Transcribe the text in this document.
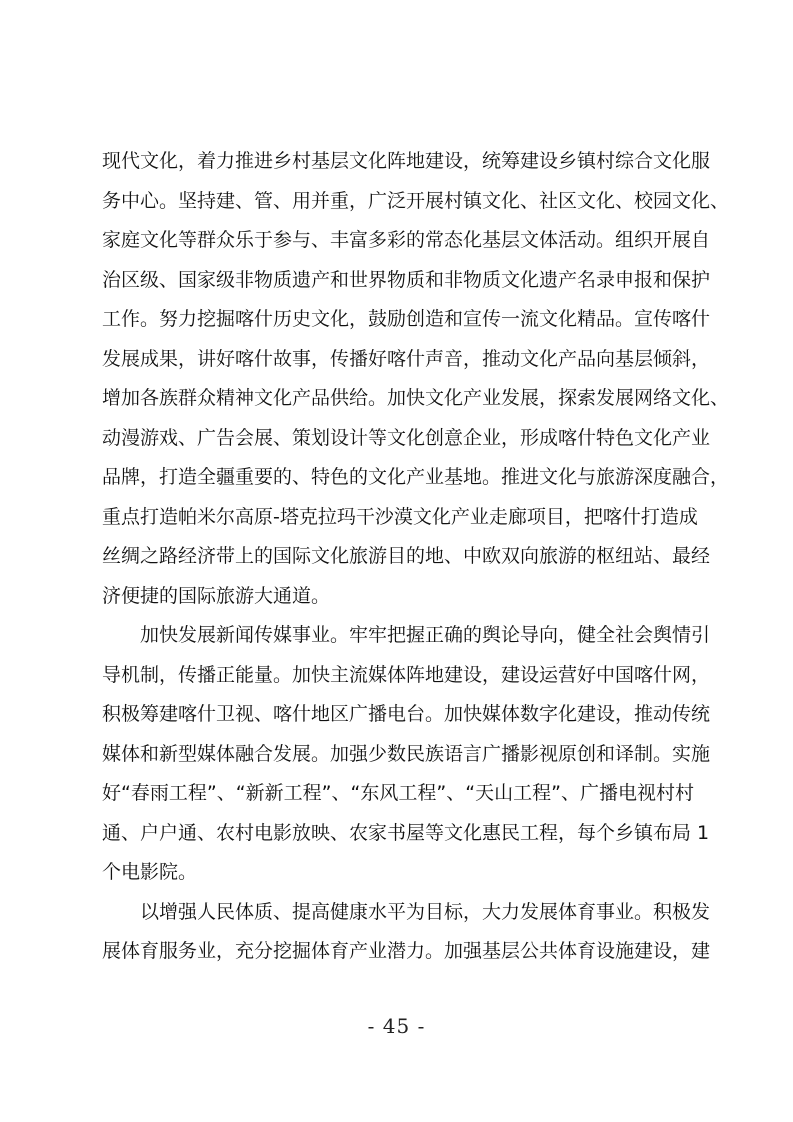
现代文化，着力推进乡村基层文化阵地建设，统筹建设乡镇村综合文化服
务中心。坚持建、管、用并重，广泛开展村镇文化、社区文化、校园文化、
家庭文化等群众乐于参与、丰富多彩的常态化基层文体活动。组织开展自
治区级、国家级非物质遗产和世界物质和非物质文化遗产名录申报和保护
工作。努力挖掘喀什历史文化，鼓励创造和宣传一流文化精品。宣传喀什
发展成果，讲好喀什故事，传播好喀什声音，推动文化产品向基层倾斜，
增加各族群众精神文化产品供给。加快文化产业发展，探索发展网络文化、
动漫游戏、广告会展、策划设计等文化创意企业，形成喀什特色文化产业
品牌，打造全疆重要的、特色的文化产业基地。推进文化与旅游深度融合，
重点打造帕米尔高原-塔克拉玛干沙漠文化产业走廊项目，把喀什打造成
丝绸之路经济带上的国际文化旅游目的地、中欧双向旅游的枢纽站、最经
济便捷的国际旅游大通道。
加快发展新闻传媒事业。牢牢把握正确的舆论导向，健全社会舆情引
导机制，传播正能量。加快主流媒体阵地建设，建设运营好中国喀什网，
积极筹建喀什卫视、喀什地区广播电台。加快媒体数字化建设，推动传统
媒体和新型媒体融合发展。加强少数民族语言广播影视原创和译制。实施
好“春雨工程”、“新新工程”、“东风工程”、“天山工程”、广播电视村村
通、户户通、农村电影放映、农家书屋等文化惠民工程，每个乡镇布局 1
个电影院。
以增强人民体质、提高健康水平为目标，大力发展体育事业。积极发
展体育服务业，充分挖掘体育产业潜力。加强基层公共体育设施建设，建
- 45 -
